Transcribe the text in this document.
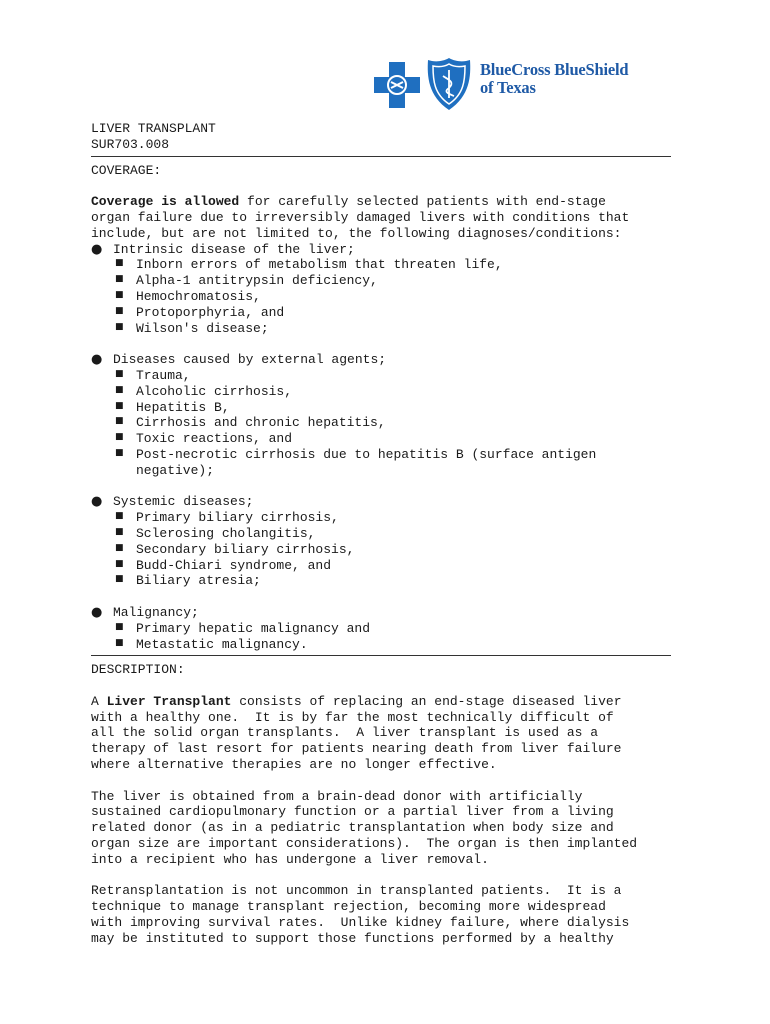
BlueCross BlueShield
of Texas
LIVER TRANSPLANT
SUR703.008
COVERAGE:
Coverage is allowed for carefully selected patients with end-stage
organ failure due to irreversibly damaged livers with conditions that
include, but are not limited to, the following diagnoses/conditions:
● Intrinsic disease of the liver;
■ Inborn errors of metabolism that threaten life,
■ Alpha-1 antitrypsin deficiency,
■ Hemochromatosis,
■ Protoporphyria, and
■ Wilson's disease;
● Diseases caused by external agents;
■ Trauma,
■ Alcoholic cirrhosis,
■ Hepatitis B,
■ Cirrhosis and chronic hepatitis,
■ Toxic reactions, and
■ Post-necrotic cirrhosis due to hepatitis B (surface antigen
negative);
● Systemic diseases;
■ Primary biliary cirrhosis,
■ Sclerosing cholangitis,
■ Secondary biliary cirrhosis,
■ Budd-Chiari syndrome, and
■ Biliary atresia;
● Malignancy;
■ Primary hepatic malignancy and
■ Metastatic malignancy.
DESCRIPTION:
A Liver Transplant consists of replacing an end-stage diseased liver
with a healthy one.  It is by far the most technically difficult of
all the solid organ transplants.  A liver transplant is used as a
therapy of last resort for patients nearing death from liver failure
where alternative therapies are no longer effective.
The liver is obtained from a brain-dead donor with artificially
sustained cardiopulmonary function or a partial liver from a living
related donor (as in a pediatric transplantation when body size and
organ size are important considerations).  The organ is then implanted
into a recipient who has undergone a liver removal.
Retransplantation is not uncommon in transplanted patients.  It is a
technique to manage transplant rejection, becoming more widespread
with improving survival rates.  Unlike kidney failure, where dialysis
may be instituted to support those functions performed by a healthy
